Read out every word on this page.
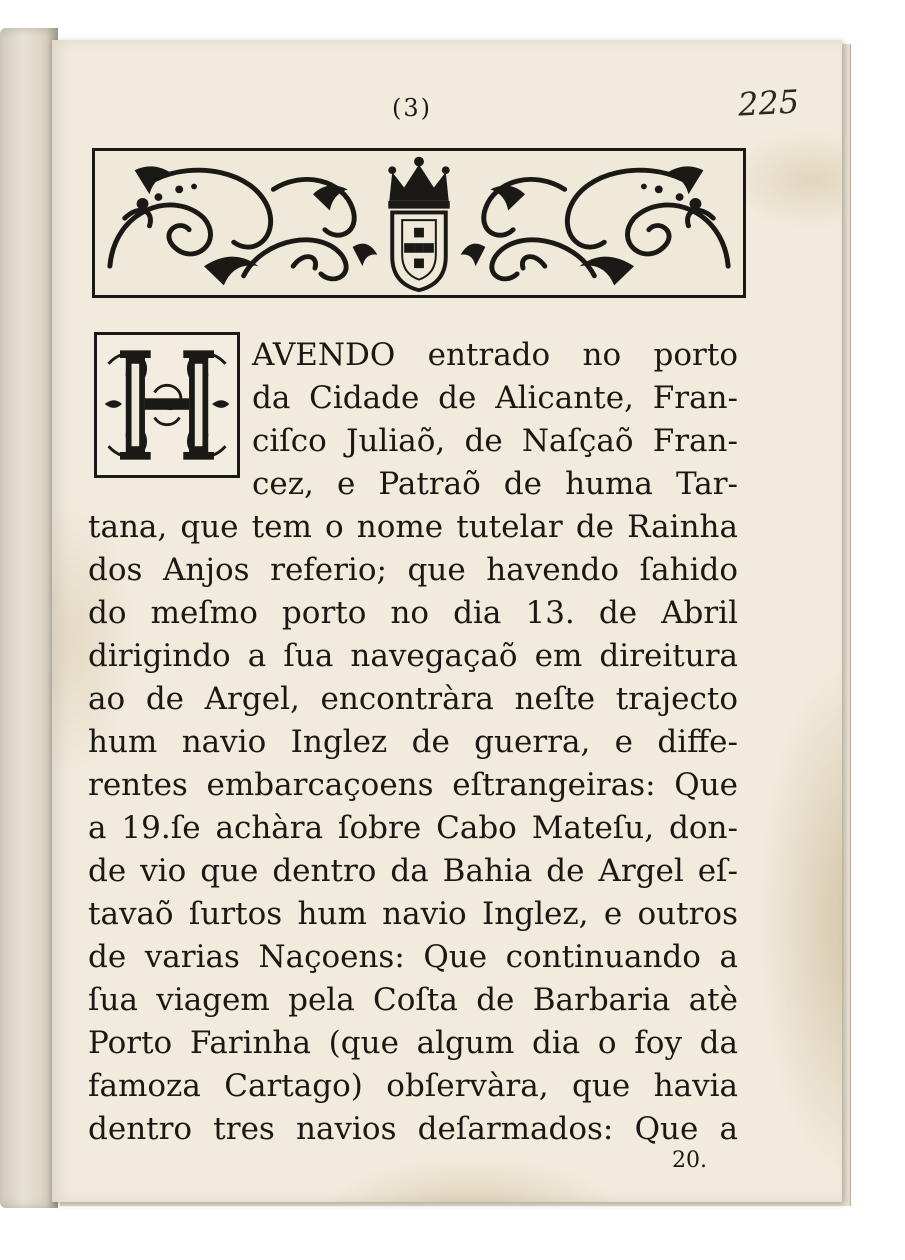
(3)	225

AVENDO entrado no porto

da Cidade de Alicante, Fran-

ciſco Juliaõ, de Naſçaõ Fran-

cez, e Patraõ de huma Tar-

tana, que tem o nome tutelar de Rainha

dos Anjos referio; que havendo ſahido

do meſmo porto no dia 13. de Abril

dirigindo a ſua navegaçaõ em direitura

ao de Argel, encontràra neſte trajecto

hum navio Inglez de guerra, e diffe-

rentes embarcaçoens eſtrangeiras: Que

a 19.ſe achàra ſobre Cabo Mateſu, don-

de vio que dentro da Bahia de Argel eſ-

tavaõ ſurtos hum navio Inglez, e outros

de varias Naçoens: Que continuando a

ſua viagem pela Coſta de Barbaria atè

Porto Farinha (que algum dia o foy da

famoza Cartago) obſervàra, que havia

dentro tres navios deſarmados: Que a

20.
